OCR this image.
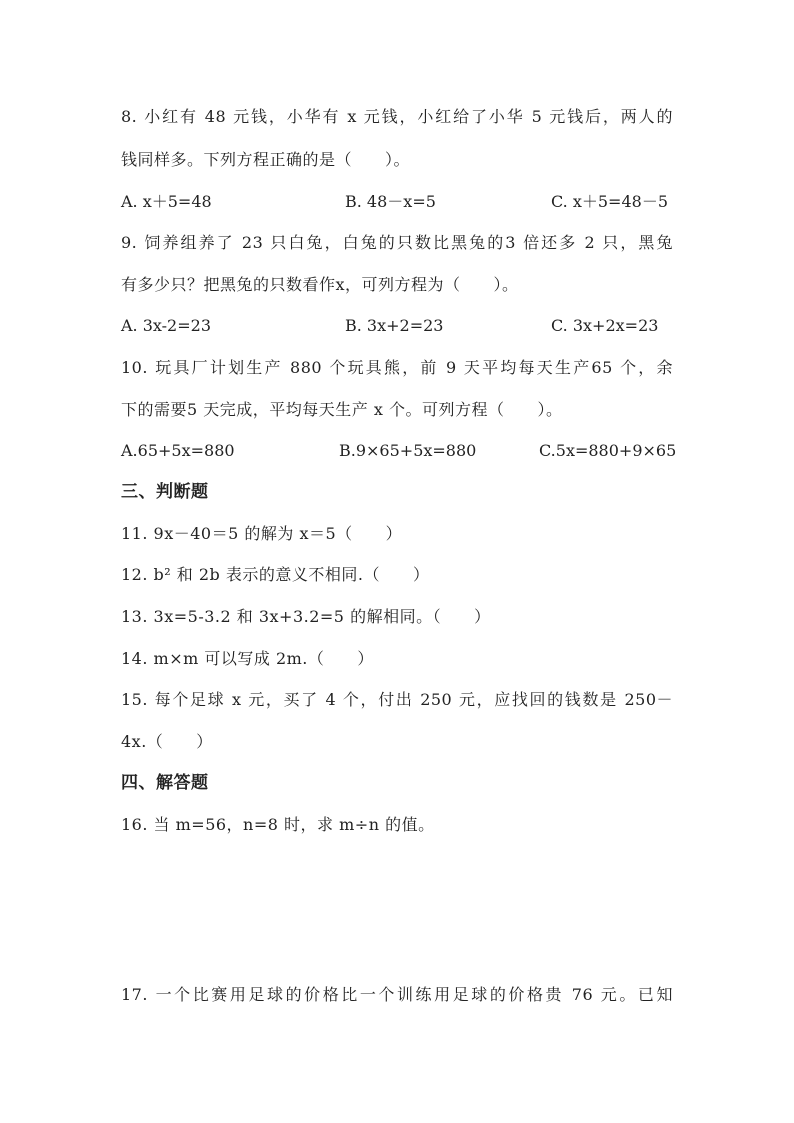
8. 小红有 48 元钱，小华有 x 元钱，小红给了小华 5 元钱后，两人的
钱同样多。下列方程正确的是（　　）。
A. x＋5=48	B. 48－x=5	C. x＋5=48－5
9. 饲养组养了 23 只白兔，白兔的只数比黑兔的3 倍还多 2 只，黑兔
有多少只？把黑兔的只数看作x，可列方程为（　　）。
A. 3x-2=23	B. 3x+2=23	C. 3x+2x=23
10. 玩具厂计划生产 880 个玩具熊，前 9 天平均每天生产65 个，余
下的需要5 天完成，平均每天生产 x 个。可列方程（　　）。
A.65+5x=880	B.9×65+5x=880	C.5x=880+9×65
三、判断题
11. 9x－40＝5 的解为 x＝5（　　）
12. b² 和 2b 表示的意义不相同.（　　）
13. 3x=5-3.2 和 3x+3.2=5 的解相同。（　　）
14. m×m 可以写成 2m.（　　）
15. 每个足球 x 元，买了 4 个，付出 250 元，应找回的钱数是 250－
4x.（　　）
四、解答题
16. 当 m=56，n=8 时，求 m÷n 的值。
17. 一个比赛用足球的价格比一个训练用足球的价格贵 76 元。已知
